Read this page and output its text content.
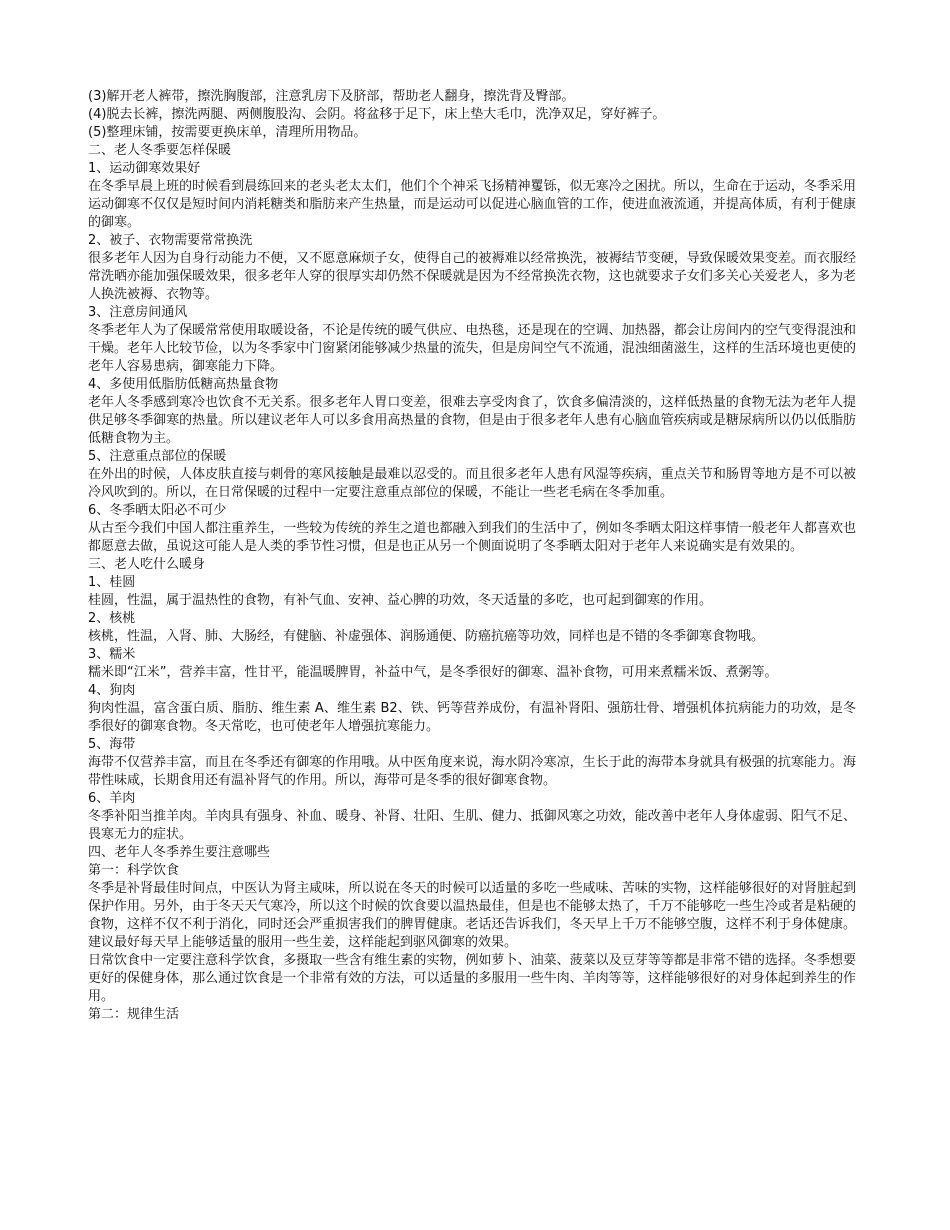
(3)解开老人裤带，擦洗胸腹部，注意乳房下及脐部，帮助老人翻身，擦洗背及臀部。

(4)脱去长裤，擦洗两腿、两侧腹股沟、会阴。将盆移于足下，床上垫大毛巾，洗净双足，穿好裤子。

(5)整理床铺，按需要更换床单，清理所用物品。

二、老人冬季要怎样保暖

1、运动御寒效果好

在冬季早晨上班的时候看到晨练回来的老头老太太们，他们个个神采飞扬精神矍铄，似无寒冷之困扰。所以，生命在于运动，冬季采用运动御寒不仅仅是短时间内消耗糖类和脂肪来产生热量，而是运动可以促进心脑血管的工作，使进血液流通，并提高体质，有利于健康的御寒。

2、被子、衣物需要常常换洗

很多老年人因为自身行动能力不便，又不愿意麻烦子女，使得自己的被褥难以经常换洗，被褥结节变硬，导致保暖效果变差。而衣服经常洗晒亦能加强保暖效果，很多老年人穿的很厚实却仍然不保暖就是因为不经常换洗衣物，这也就要求子女们多关心关爱老人，多为老人换洗被褥、衣物等。

3、注意房间通风

冬季老年人为了保暖常常使用取暖设备，不论是传统的暖气供应、电热毯，还是现在的空调、加热器，都会让房间内的空气变得混浊和干燥。老年人比较节俭，以为冬季家中门窗紧闭能够减少热量的流失，但是房间空气不流通，混浊细菌滋生，这样的生活环境也更使的老年人容易患病，御寒能力下降。

4、多使用低脂肪低糖高热量食物

老年人冬季感到寒冷也饮食不无关系。很多老年人胃口变差，很难去享受肉食了，饮食多偏清淡的，这样低热量的食物无法为老年人提供足够冬季御寒的热量。所以建议老年人可以多食用高热量的食物，但是由于很多老年人患有心脑血管疾病或是糖尿病所以仍以低脂肪低糖食物为主。

5、注意重点部位的保暖

在外出的时候，人体皮肤直接与刺骨的寒风接触是最难以忍受的。而且很多老年人患有风湿等疾病，重点关节和肠胃等地方是不可以被冷风吹到的。所以，在日常保暖的过程中一定要注意重点部位的保暖，不能让一些老毛病在冬季加重。

6、冬季晒太阳必不可少

从古至今我们中国人都注重养生，一些较为传统的养生之道也都融入到我们的生活中了，例如冬季晒太阳这样事情一般老年人都喜欢也都愿意去做，虽说这可能人是人类的季节性习惯，但是也正从另一个侧面说明了冬季晒太阳对于老年人来说确实是有效果的。

三、老人吃什么暖身

1、桂圆

桂圆，性温，属于温热性的食物，有补气血、安神、益心脾的功效，冬天适量的多吃，也可起到御寒的作用。

2、核桃

核桃，性温，入肾、肺、大肠经，有健脑、补虚强体、润肠通便、防癌抗癌等功效，同样也是不错的冬季御寒食物哦。

3、糯米

糯米即“江米”，营养丰富，性甘平，能温暖脾胃，补益中气，是冬季很好的御寒、温补食物，可用来煮糯米饭、煮粥等。

4、狗肉

狗肉性温，富含蛋白质、脂肪、维生素 A、维生素 B2、铁、钙等营养成份，有温补肾阳、强筋壮骨、增强机体抗病能力的功效，是冬季很好的御寒食物。冬天常吃，也可使老年人增强抗寒能力。

5、海带

海带不仅营养丰富，而且在冬季还有御寒的作用哦。从中医角度来说，海水阴冷寒凉，生长于此的海带本身就具有极强的抗寒能力。海带性味咸，长期食用还有温补肾气的作用。所以，海带可是冬季的很好御寒食物。

6、羊肉

冬季补阳当推羊肉。羊肉具有强身、补血、暖身、补肾、壮阳、生肌、健力、抵御风寒之功效，能改善中老年人身体虚弱、阳气不足、畏寒无力的症状。

四、老年人冬季养生要注意哪些

第一：科学饮食

冬季是补肾最佳时间点，中医认为肾主咸味，所以说在冬天的时候可以适量的多吃一些咸味、苦味的实物，这样能够很好的对肾脏起到保护作用。另外，由于冬天天气寒冷，所以这个时候的饮食要以温热最佳，但是也不能够太热了，千万不能够吃一些生冷或者是粘硬的食物，这样不仅不利于消化，同时还会严重损害我们的脾胃健康。老话还告诉我们，冬天早上千万不能够空腹，这样不利于身体健康。建议最好每天早上能够适量的服用一些生姜，这样能起到驱风御寒的效果。

日常饮食中一定要注意科学饮食，多摄取一些含有维生素的实物，例如萝卜、油菜、菠菜以及豆芽等等都是非常不错的选择。冬季想要更好的保健身体，那么通过饮食是一个非常有效的方法，可以适量的多服用一些牛肉、羊肉等等，这样能够很好的对身体起到养生的作用。

第二：规律生活
